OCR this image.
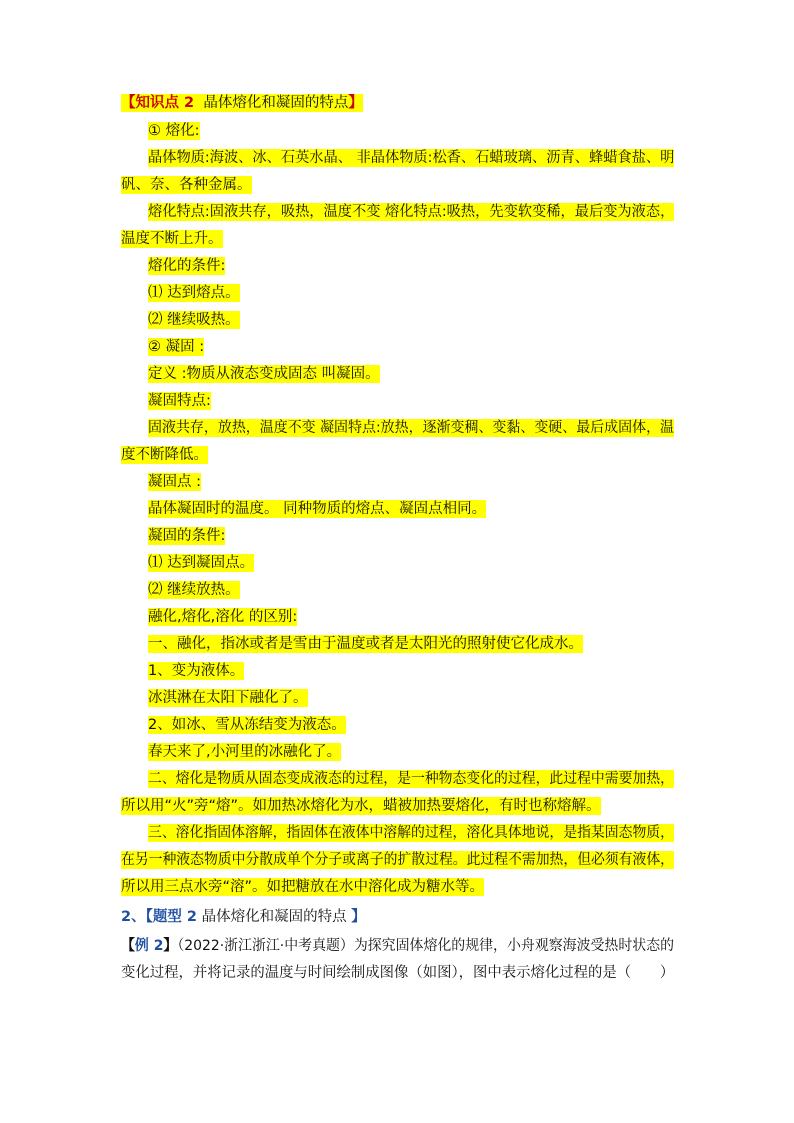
【知识点 2 晶体熔化和凝固的特点】
① 熔化:
晶体物质:海波、冰、石英水晶、 非晶体物质:松香、石蜡玻璃、沥青、蜂蜡食盐、明
矾、奈、各种金属。
熔化特点:固液共存，吸热，温度不变 熔化特点:吸热，先变软变稀，最后变为液态，
温度不断上升。
熔化的条件:
⑴ 达到熔点。
⑵ 继续吸热。
② 凝固 :
定义 :物质从液态变成固态 叫凝固。
凝固特点:
固液共存，放热，温度不变 凝固特点:放热，逐渐变稠、变黏、变硬、最后成固体，温
度不断降低。
凝固点 :
晶体凝固时的温度。 同种物质的熔点、凝固点相同。
凝固的条件:
⑴ 达到凝固点。
⑵ 继续放热。
融化,熔化,溶化 的区别:
一、融化，指冰或者是雪由于温度或者是太阳光的照射使它化成水。
1、变为液体。
冰淇淋在太阳下融化了。
2、如冰、雪从冻结变为液态。
春天来了,小河里的冰融化了。
二、熔化是物质从固态变成液态的过程，是一种物态变化的过程，此过程中需要加热，
所以用“火”旁“熔”。如加热冰熔化为水，蜡被加热要熔化，有时也称熔解。
三、溶化指固体溶解，指固体在液体中溶解的过程，溶化具体地说，是指某固态物质，
在另一种液态物质中分散成单个分子或离子的扩散过程。此过程不需加热，但必须有液体，
所以用三点水旁“溶”。如把糖放在水中溶化成为糖水等。
2、【题型 2 晶体熔化和凝固的特点 】
【例 2】（2022·浙江浙江·中考真题）为探究固体熔化的规律，小舟观察海波受热时状态的
变化过程，并将记录的温度与时间绘制成图像（如图），图中表示熔化过程的是（　　）
